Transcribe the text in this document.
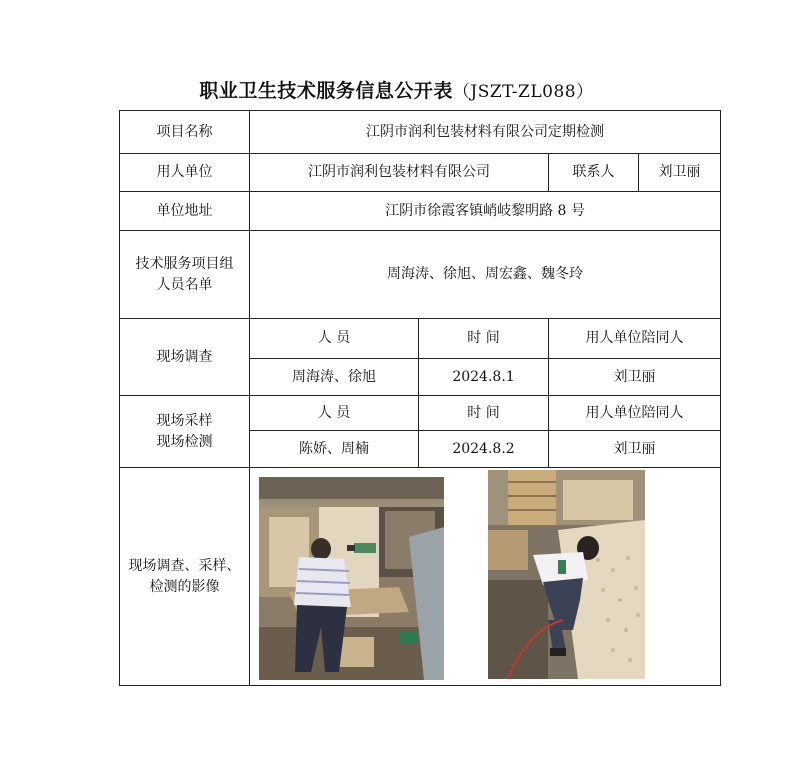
职业卫生技术服务信息公开表（JSZT-ZL088）
项目名称	江阴市润利包装材料有限公司定期检测			
用人单位	江阴市润利包装材料有限公司		联系人	刘卫丽
单位地址	江阴市徐霞客镇峭岐黎明路 8 号			

技术服务项目组
人员名单	周海涛、徐旭、周宏鑫、魏冬玲			
现场调查	人 员	时 间	用人单位陪同人	
	周海涛、徐旭	2024.8.1	刘卫丽	

现场采样
现场检测	人 员	时 间	用人单位陪同人	
	陈娇、周楠	2024.8.2	刘卫丽	

现场调查、采样、
检测的影像				
